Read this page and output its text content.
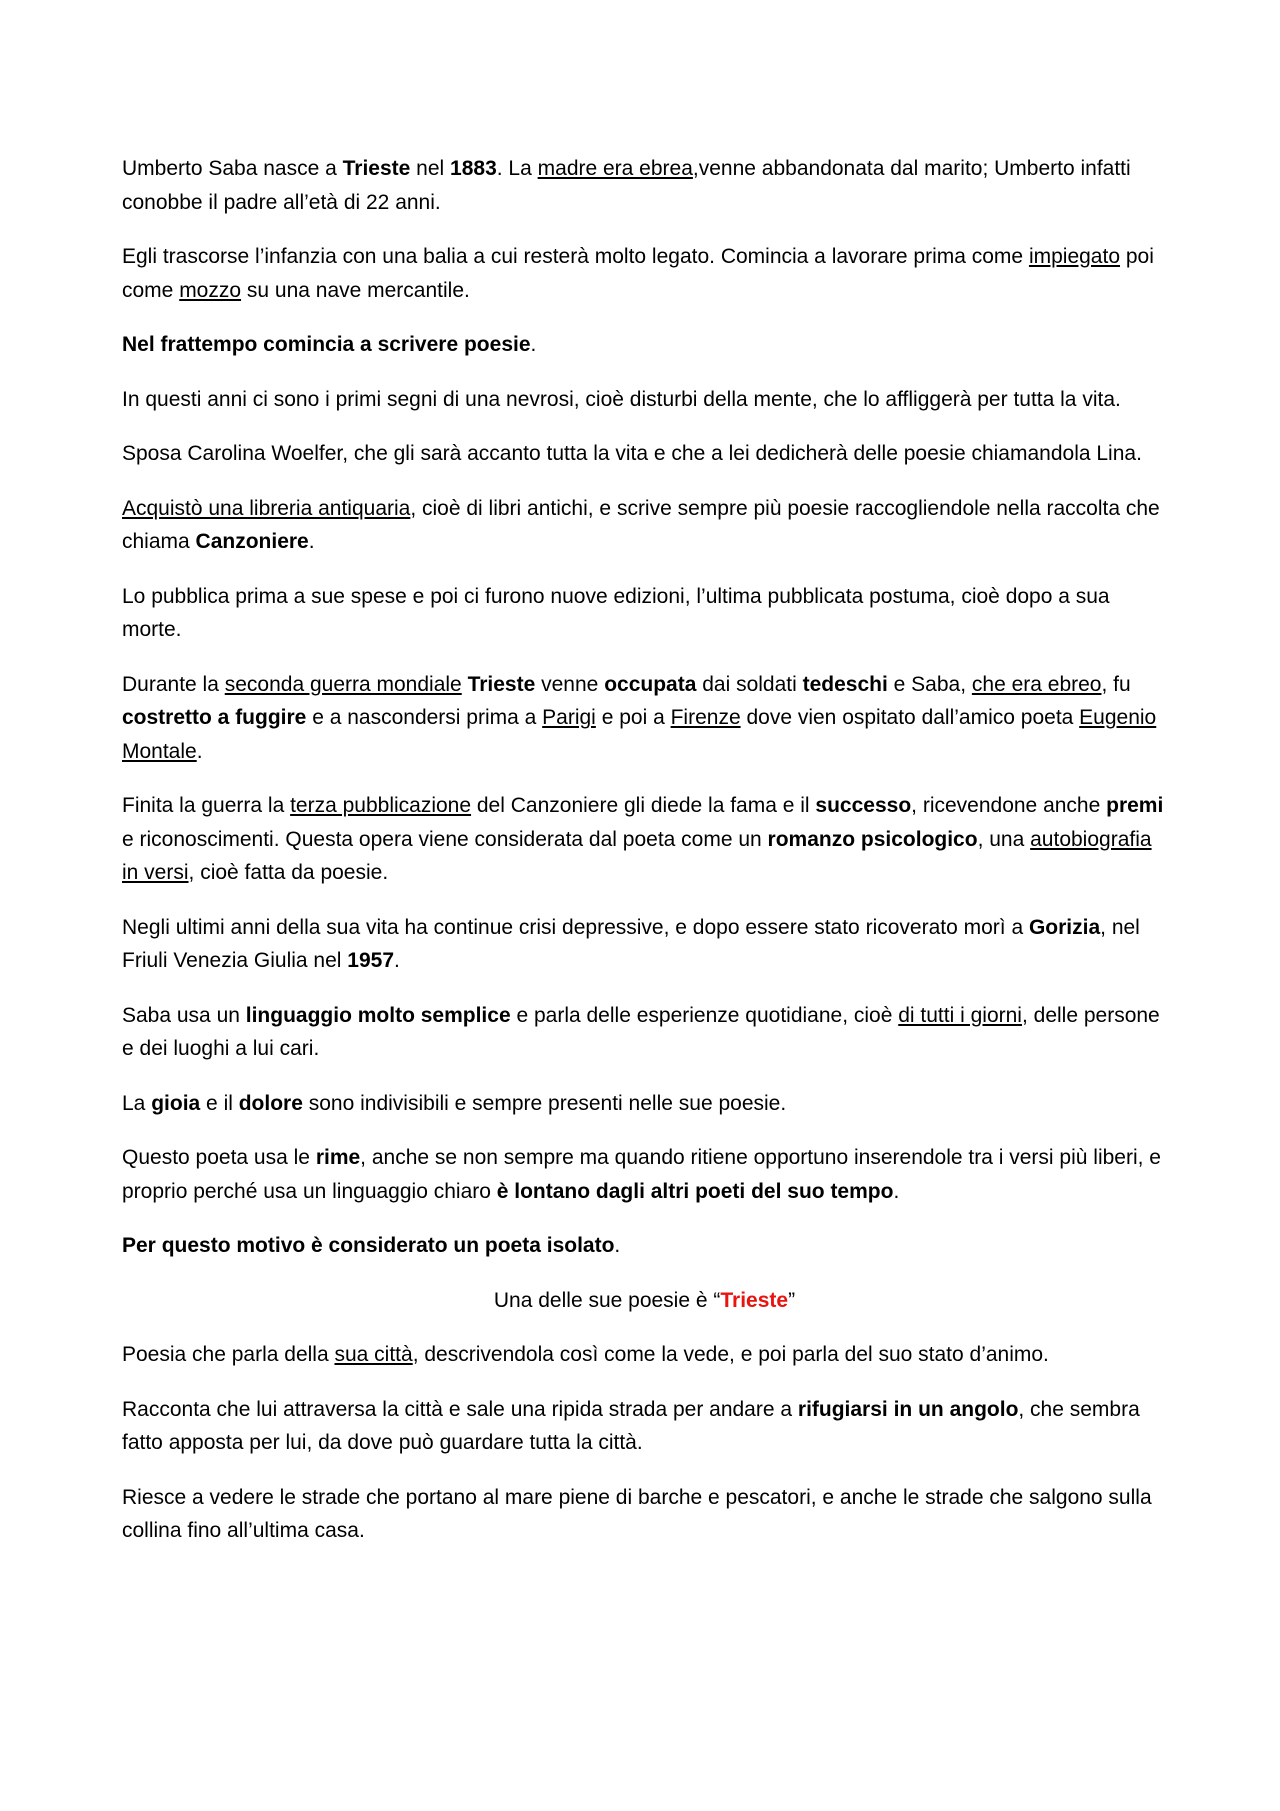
Umberto Saba nasce a Trieste nel 1883. La madre era ebrea,venne abbandonata dal marito; Umberto infatti conobbe il padre all’età di 22 anni.

Egli trascorse l’infanzia con una balia a cui resterà molto legato. Comincia a lavorare prima come impiegato poi come mozzo su una nave mercantile.

Nel frattempo comincia a scrivere poesie.

In questi anni ci sono i primi segni di una nevrosi, cioè disturbi della mente, che lo affliggerà per tutta la vita.

Sposa Carolina Woelfer, che gli sarà accanto tutta la vita e che a lei dedicherà delle poesie chiamandola Lina.

Acquistò una libreria antiquaria, cioè di libri antichi, e scrive sempre più poesie raccogliendole nella raccolta che chiama Canzoniere.

Lo pubblica prima a sue spese e poi ci furono nuove edizioni, l’ultima pubblicata postuma, cioè dopo a sua morte.

Durante la seconda guerra mondiale Trieste venne occupata dai soldati tedeschi e Saba, che era ebreo, fu costretto a fuggire e a nascondersi prima a Parigi e poi a Firenze dove vien ospitato dall’amico poeta Eugenio Montale.

Finita la guerra la terza pubblicazione del Canzoniere gli diede la fama e il successo, ricevendone anche premi e riconoscimenti. Questa opera viene considerata dal poeta come un romanzo psicologico, una autobiografia in versi, cioè fatta da poesie.

Negli ultimi anni della sua vita ha continue crisi depressive, e dopo essere stato ricoverato morì a Gorizia, nel Friuli Venezia Giulia nel 1957.

Saba usa un linguaggio molto semplice e parla delle esperienze quotidiane, cioè di tutti i giorni, delle persone e dei luoghi a lui cari.

La gioia e il dolore sono indivisibili e sempre presenti nelle sue poesie.

Questo poeta usa le rime, anche se non sempre ma quando ritiene opportuno inserendole tra i versi più liberi, e proprio perché usa un linguaggio chiaro è lontano dagli altri poeti del suo tempo.

Per questo motivo è considerato un poeta isolato.

Una delle sue poesie è “Trieste”

Poesia che parla della sua città, descrivendola così come la vede, e poi parla del suo stato d’animo.

Racconta che lui attraversa la città e sale una ripida strada per andare a rifugiarsi in un angolo, che sembra fatto apposta per lui, da dove può guardare tutta la città.

Riesce a vedere le strade che portano al mare piene di barche e pescatori, e anche le strade che salgono sulla collina fino all’ultima casa.
